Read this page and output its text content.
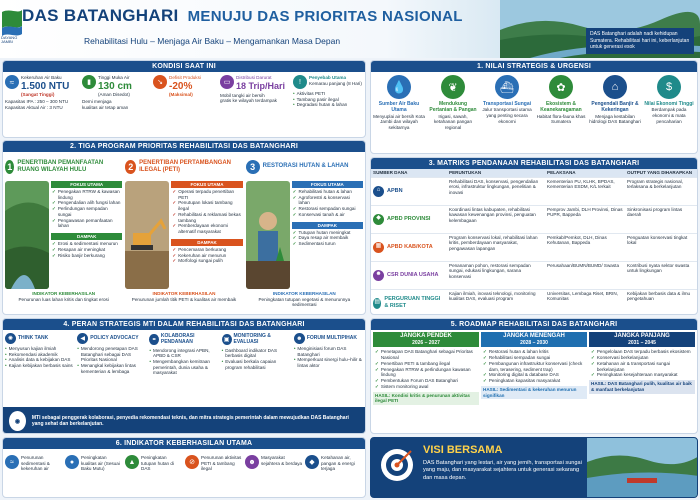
DAYANG
JAMBI
DAS BATANGHARI MENUJU DAS PRIORITAS NASIONAL
Rehabilitasi Hulu – Menjaga Air Baku – Mengamankan Masa Depan
DAS Batanghari adalah nadi kehidupan Sumatera. Rehabilitasi hari ini, keberlanjutan untuk generasi esok
KONDISI SAAT INI
≈	Kekeruhan Air Baku
1.500 NTU
(Sangat Tinggi)
Kapasitas IPA : 250 – 300 NTU
Kapasitas Aktual Air : 3 NTU
▮
Tinggi Muka Air
130 cm
(Aman Disedot)
Demi menjaga
kualitas air tetap aman
↘
Defisit Produksi
-20%
(Maksimal)
▭
Distribusi Darurat
18 Trip/Hari
Mobil tangki air bersih
gratis ke wilayah terdampak
!
Penyebab Utama
Kemarau panjang (8 Hari)
• Aktivitas PETI
• Tambang pasir ilegal
• Degradasi hutan & lahan
1. NILAI STRATEGIS & URGENSI
💧
Sumber Air Baku Utama
Menyuplai air bersih Kota Jambi dan wilayah sekitarnya
❦
Mendukung Pertanian & Pangan
Irigasi, sawah, ketahanan pangan regional
⛴
Transportasi Sungai
Jalur transportasi utama yang penting secara ekonomi
✿
Ekosistem & Keanekaragaman
Habitat flora-fauna khas Sumatera
⌂
Pengendali Banjir & Kekeringan
Menjaga kestabilan hidrologi DAS Batanghari
$
Nilai Ekonomi Tinggi
Berdampak pada ekonomi & mata pencaharian
2. TIGA PROGRAM PRIORITAS REHABILITASI DAS BATANGHARI
1 PENERTIBAN PEMANFAATAN RUANG WILAYAH HULU
FOKUS UTAMA
✓ Penegakan RTRW & kawasan lindung
✓ Pengendalian alih fungsi lahan
✓ Perlindungan sempadan sungai
✓ Pengawasan pemanfaatan lahan
DAMPAK
✓ Erosi & sedimentasi menurun
✓ Resapan air meningkat
✓ Risiko banjir berkurang
INDIKATOR KEBERHASILAN
Penurunan luas lahan kritis dan tingkat erosi
2 PENERTIBAN PERTAMBANGAN ILEGAL (PETI)
FOKUS UTAMA
✓ Operasi terpadu penertiban PETI
✓ Penutupan lokasi tambang ilegal
✓ Rehabilitasi & reklamasi bekas tambang
✓ Pemberdayaan ekonomi alternatif masyarakat
DAMPAK
✓ Pencemaran berkurang
✓ Kekeruhan air menurun
✓ Morfologi sungai pulih
INDIKATOR KEBERHASILAN
Penurunan jumlah titik PETI & kualitas air membaik
3	RESTORASI HUTAN & LAHAN
FOKUS UTAMA
✓ Rehabilitasi hutan & lahan
✓ Agroforestri & konservasi lahan
✓ Restorasi sempadan sungai
✓ Konservasi tanah & air
DAMPAK
✓ Tutupan hutan meningkat
✓ Daya resap air membaik
✓ Sedimentasi turun
INDIKATOR KEBERHASILAN
Peningkatan tutupan vegetasi & menurunnya sedimentasi
3. MATRIKS PENDANAAN REHABILITASI DAS BATANGHARI
SUMBER DANA	PERUNTUKAN	PELAKSANA	OUTPUT YANG DIHARAPKAN
⌂	APBN
Rehabilitasi DAS, konservasi, pengendalian erosi, infrastruktur lingkungan, penelitian & inovasi
Kementerian PU, KLHK, BPDAS, Kementerian ESDM, K/L terkait
Program strategis nasional, terlaksana & berkelanjutan
◆	APBD PROVINSI
Koordinasi lintas kabupaten, rehabilitasi kawasan kewenangan provinsi, penguatan kelembagaan
Pemprov Jambi, DLH Provinsi, Dinas PUPR, Bappeda
Sinkronisasi program lintas daerah
▦	APBD KAB/KOTA
Program konservasi lokal, rehabilitasi lahan kritis, pemberdayaan masyarakat, pengawasan lapangan
Pemkab/Pemkot, DLH, Dinas Kehutanan, Bappeda
Penguatan konservasi tingkat lokal
☻ CSR DUNIA USAHA
Penanaman pohon, restorasi sempadan sungai, edukasi lingkungan, sarana konservasi
Perusahaan/BUMN/BUMD/ Swasta	Kontribusi nyata sektor swasta untuk lingkungan
▤
PERGURUAN TINGGI & RISET
Kajian ilmiah, inovasi teknologi, monitoring kualitas DAS, evaluasi program
Universitas, Lembaga Riset, BRIN, Komunitas
Kebijakan berbasis data & ilmu pengetahuan
4. PERAN STRATEGIS MTI DALAM REHABILITASI DAS BATANGHARI
✺ THINK TANK
• Menyusun kajian ilmiah
• Rekomendasi akademik
• Analisis data & kebijakan DAS
• Kajian kebijakan berbasis sains
◀	POLICY ADVOCACY
• Mendorong penetapan DAS Batanghari sebagai DAS Prioritas Nasional
• Menangkal kebijakan lintas kementerian & lembaga
⚭
KOLABORASI PENDANAAN
• Mendorong integrasi APBN, APBD & CSR
• Mengembangkan kemitraan pemerintah, dunia usaha & masyarakat
▣
MONITORING & EVALUASI
• Dashboard indikator DAS berbasis digital
• Evaluasi berkala capaian program rehabilitasi
☻ FORUM MULTIPIHAK
• Menginisiasi forum DAS Batanghari
• Memperkuat sinergi hulu–hilir & lintas aktor
◉
MTI sebagai penggerak kolaborasi, penyedia rekomendasi teknis, dan mitra strategis pemerintah dalam mewujudkan DAS Batanghari yang sehat dan berkelanjutan.
5. ROADMAP REHABILITASI DAS BATANGHARI
JANGKA PENDEK
2026 – 2027
✓ Penetapan DAS Batanghari sebagai Prioritas Nasional
✓ Penertiban PETI & tambang ilegal
✓ Penegakan RTRW & perlindungan kawasan lindung
✓ Pembentukan Forum DAS Batanghari
✓ Sistem monitoring awal
HASIL: Kondisi kritis & penurunan aktivitas ilegal PETI
JANGKA MENENGAH
2028 – 2030
✓ Restorasi hutan & lahan kritis
✓ Rehabilitasi sempadan sungai
✓ Pembangunan infrastruktur konservasi (check dam, terasering, sediment trap)
✓ Monitoring digital & database DAS
✓ Peningkatan kapasitas masyarakat
HASIL: Sedimentasi & kekeruhan menurun signifikan
JANGKA PANJANG
2031 – 2045
✓ Pengelolaan DAS terpadu berbasis ekosistem
✓ Konservasi berkelanjutan
✓ Ketahanan air & transportasi sungai berkelanjutan
✓ Peningkatan kesejahteraan masyarakat
HASIL: DAS Batanghari pulih, kualitas air baik & manfaat berkelanjutan
6. INDIKATOR KEBERHASILAN UTAMA
≈
Penurunan sedimentasi & kekeruhan air
●
Peningkatan kualitas air (Sesuai Baku Mutu)
▲
Peningkatan tutupan hutan di DAS
⊘
Penurunan aktivitas PETI & tambang ilegal
☻
Masyarakat sejahtera & berdaya	◆
Ketahanan air, pangan & energi terjaga
VISI BERSAMA
DAS Batanghari yang lestari, air yang jernih, transportasi sungai yang maju, dan masyarakat sejahtera untuk generasi sekarang dan masa depan.
